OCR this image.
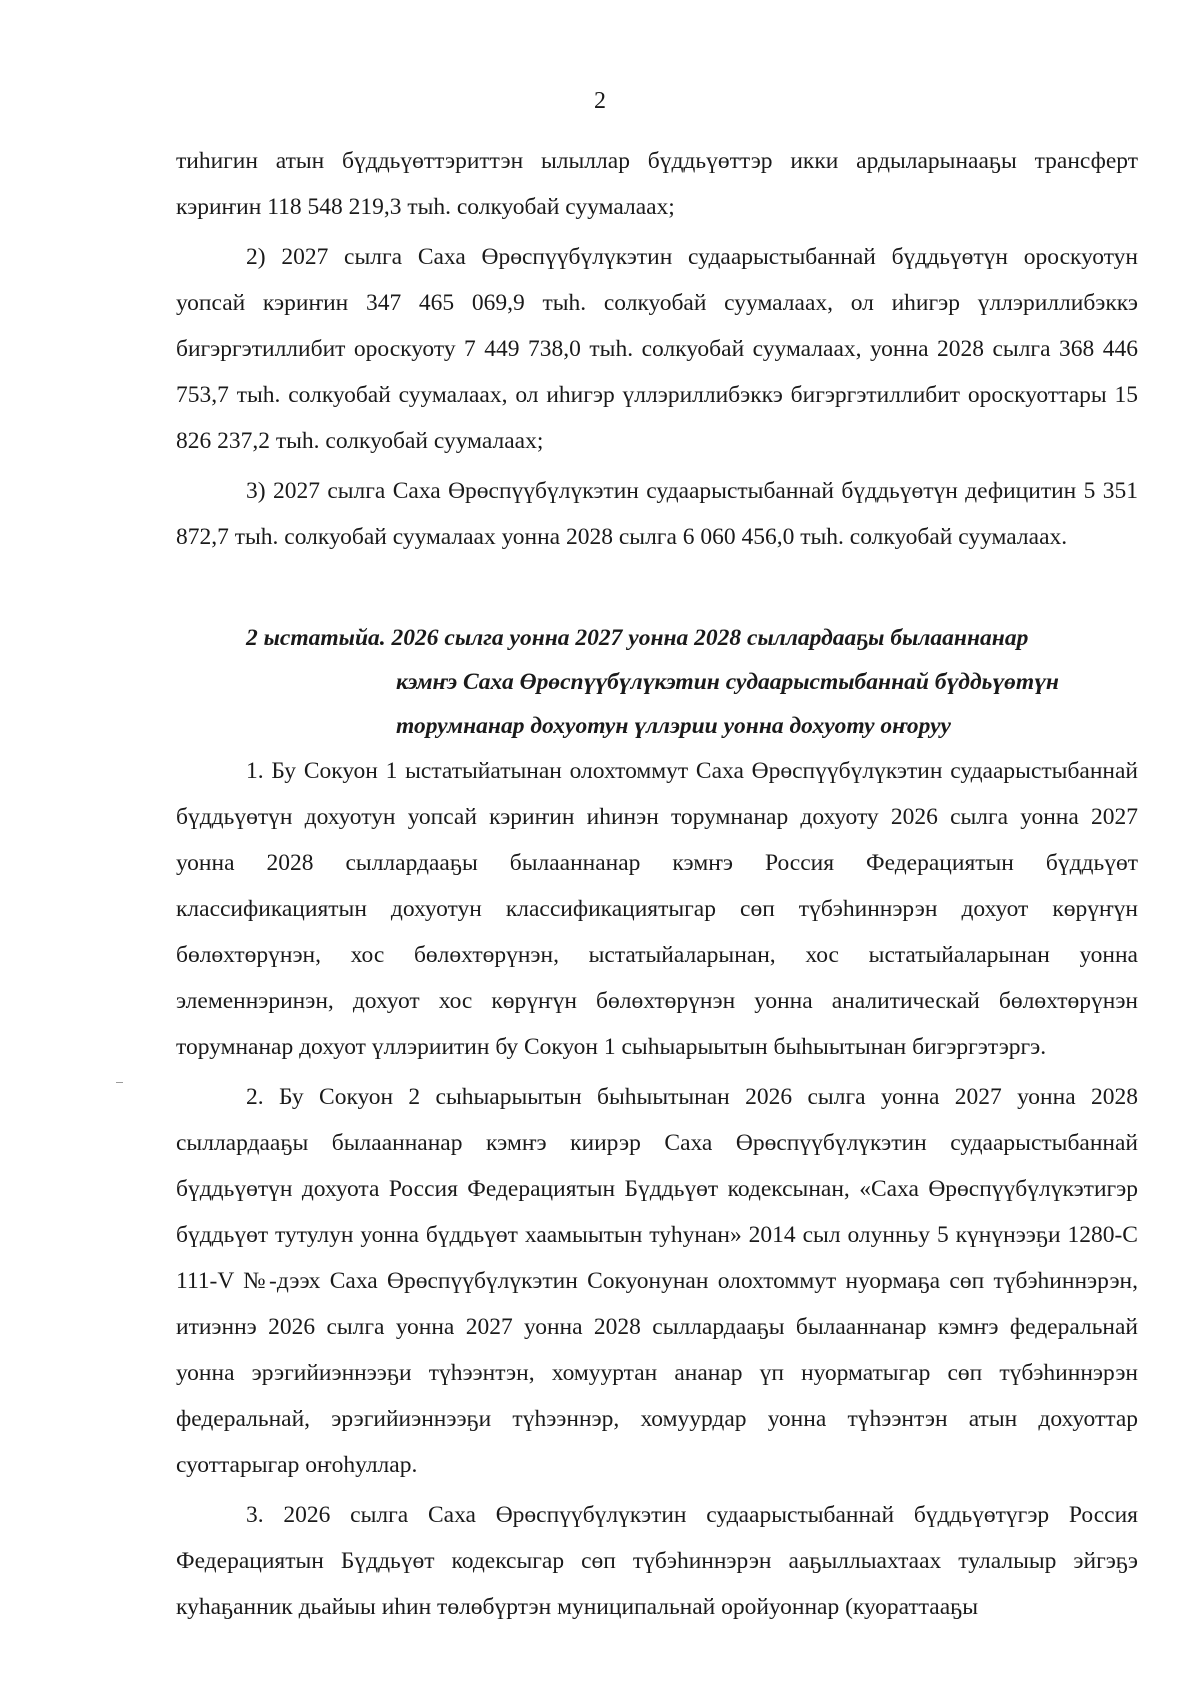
2

тиһигин атын бүддьүөттэриттэн ылыллар бүддьүөттэр икки ардыларынааҕы трансферт кэриҥин 118 548 219,3 тыһ. солкуобай суумалаах;

2) 2027 сылга Саха Өрөспүүбүлүкэтин судаарыстыбаннай бүддьүөтүн ороскуотун уопсай кэриҥин 347 465 069,9 тыһ. солкуобай суумалаах, ол иһигэр үллэриллибэккэ бигэргэтиллибит ороскуоту 7 449 738,0 тыһ. солкуобай суумалаах, уонна 2028 сылга 368 446 753,7 тыһ. солкуобай суумалаах, ол иһигэр үллэриллибэккэ бигэргэтиллибит ороскуоттары 15 826 237,2 тыһ. солкуобай суумалаах;

3) 2027 сылга Саха Өрөспүүбүлүкэтин судаарыстыбаннай бүддьүөтүн дефицитин 5 351 872,7 тыһ. солкуобай суумалаах уонна 2028 сылга 6 060 456,0 тыһ. солкуобай суумалаах.

2 ыстатыйа. 2026 сылга уонна 2027 уонна 2028 сыллардааҕы былааннанар
кэмҥэ Саха Өрөспүүбүлүкэтин судаарыстыбаннай бүддьүөтүн
торумнанар дохуотун үллэрии уонна дохуоту оҥоруу

1. Бу Сокуон 1 ыстатыйатынан олохтоммут Саха Өрөспүүбүлүкэтин судаарыстыбаннай бүддьүөтүн дохуотун уопсай кэриҥин иһинэн торумнанар дохуоту 2026 сылга уонна 2027 уонна 2028 сыллардааҕы былааннанар кэмҥэ Россия Федерациятын бүддьүөт классификациятын дохуотун классификациятыгар сөп түбэһиннэрэн дохуот көрүҥүн бөлөхтөрүнэн, хос бөлөхтөрүнэн, ыстатыйаларынан, хос ыстатыйаларынан уонна элеменнэринэн, дохуот хос көрүҥүн бөлөхтөрүнэн уонна аналитическай бөлөхтөрүнэн торумнанар дохуот үллэриитин бу Сокуон 1 сыһыарыытын быһыытынан бигэргэтэргэ.

2. Бу Сокуон 2 сыһыарыытын быһыытынан 2026 сылга уонна 2027 уонна 2028 сыллардааҕы былааннанар кэмҥэ киирэр Саха Өрөспүүбүлүкэтин судаарыстыбаннай бүддьүөтүн дохуота Россия Федерациятын Бүддьүөт кодексынан, «Саха Өрөспүүбүлүкэтигэр бүддьүөт тутулун уонна бүддьүөт хаамыытын туһунан» 2014 сыл олунньу 5 күнүнээҕи 1280-С 111-V №-дээх Саха Өрөспүүбүлүкэтин Сокуонунан олохтоммут нуормаҕа сөп түбэһиннэрэн, итиэннэ 2026 сылга уонна 2027 уонна 2028 сыллардааҕы былааннанар кэмҥэ федеральнай уонна эрэгийиэннээҕи түһээнтэн, хомууртан ананар үп нуорматыгар сөп түбэһиннэрэн федеральнай, эрэгийиэннээҕи түһээннэр, хомуурдар уонна түһээнтэн атын дохуоттар суоттарыгар оҥоһуллар.

3. 2026 сылга Саха Өрөспүүбүлүкэтин судаарыстыбаннай бүддьүөтүгэр Россия Федерациятын Бүддьүөт кодексыгар сөп түбэһиннэрэн ааҕыллыахтаах тулалыыр эйгэҕэ куһаҕанник дьайыы иһин төлөбүртэн муниципальнай оройуоннар (куораттааҕы
